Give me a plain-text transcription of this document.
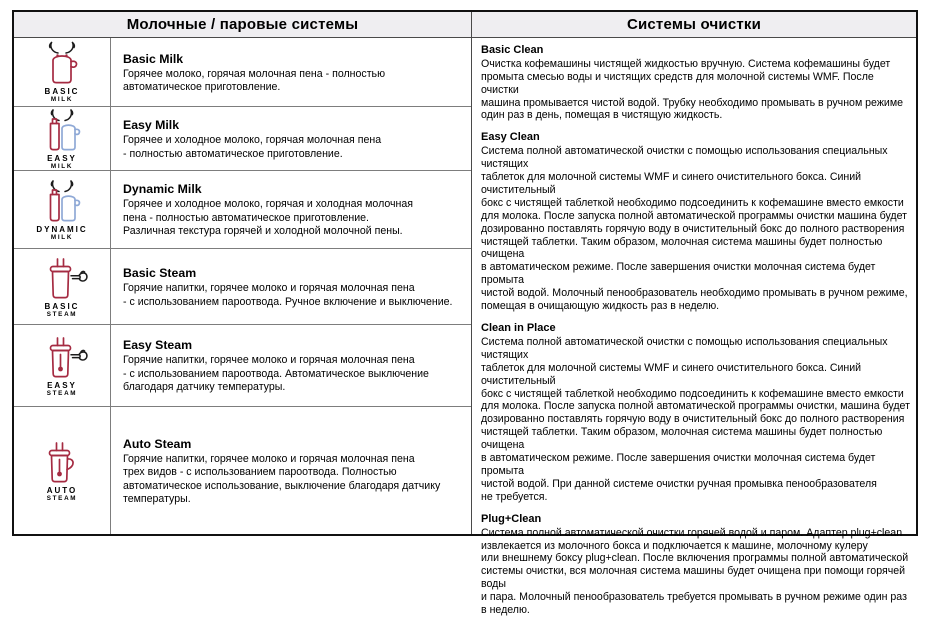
Молочные / паровые системы
BASIC
MILK
Basic Milk
Горячее молоко, горячая молочная пена - полностью
автоматическое приготовление.
EASY
MILK
Easy Milk
Горячее и холодное молоко, горячая молочная пена
- полностью автоматическое приготовление.
DYNAMIC
MILK
Dynamic Milk
Горячее и холодное молоко, горячая и холодная молочная
пена - полностью автоматическое приготовление.
Различная текстура горячей и холодной молочной пены.
BASIC
STEAM
Basic Steam
Горячие напитки, горячее молоко и горячая молочная пена
- с использованием пароотвода. Ручное включение и выключение.
EASY
STEAM
Easy Steam
Горячие напитки, горячее молоко и горячая молочная пена
- с использованием пароотвода. Автоматическое выключение
благодаря датчику температуры.
AUTO
STEAM
Auto Steam
Горячие напитки, горячее молоко и горячая молочная пена
трех видов - с использованием пароотвода. Полностью
автоматическое использование, выключение благодаря датчику
температуры.
Системы очистки
Basic Clean
Очистка кофемашины чистящей жидкостью вручную. Система кофемашины будет
промыта смесью воды и чистящих средств для молочной системы WMF. После очистки
машина промывается чистой водой. Трубку необходимо промывать в ручном режиме
один раз в день, помещая в чистящую жидкость.
Easy Clean
Система полной автоматической очистки с помощью использования специальных
чистящих
таблеток для молочной системы WMF и синего очистительного бокса. Синий
очистительный
бокс с чистящей таблеткой необходимо подсоединить к кофемашине вместо емкости
для молока. После запуска полной автоматической программы очистки машина будет
дозированно поставлять горячую воду в очистительный бокс до полного растворения
чистящей таблетки. Таким образом, молочная система машины будет полностью очищена
в автоматическом режиме. После завершения очистки молочная система будет промыта
чистой водой. Молочный пенообразователь необходимо промывать в ручном режиме,
помещая в очищающую жидкость раз в неделю.
Clean in Place
Система полной автоматической очистки с помощью использования специальных
чистящих
таблеток для молочной системы WMF и синего очистительного бокса. Синий
очистительный
бокс с чистящей таблеткой необходимо подсоединить к кофемашине вместо емкости
для молока. После запуска полной автоматической программы очистки, машина будет
дозированно поставлять горячую воду в очистительный бокс до полного растворения
чистящей таблетки. Таким образом, молочная система машины будет полностью очищена
в автоматическом режиме. После завершения очистки молочная система будет промыта
чистой водой. При данной системе очистки ручная промывка пенообразователя
не требуется.
Plug+Clean
Система полной автоматической очистки горячей водой и паром. Адаптер plug+clean
извлекается из молочного бокса и подключается к машине, молочному кулеру
или внешнему боксу plug+clean. После включения программы полной автоматической
системы очистки, вся молочная система машины будет очищена при помощи горячей
воды
и пара. Молочный пенообразователь требуется промывать в ручном режиме один раз
в неделю.
